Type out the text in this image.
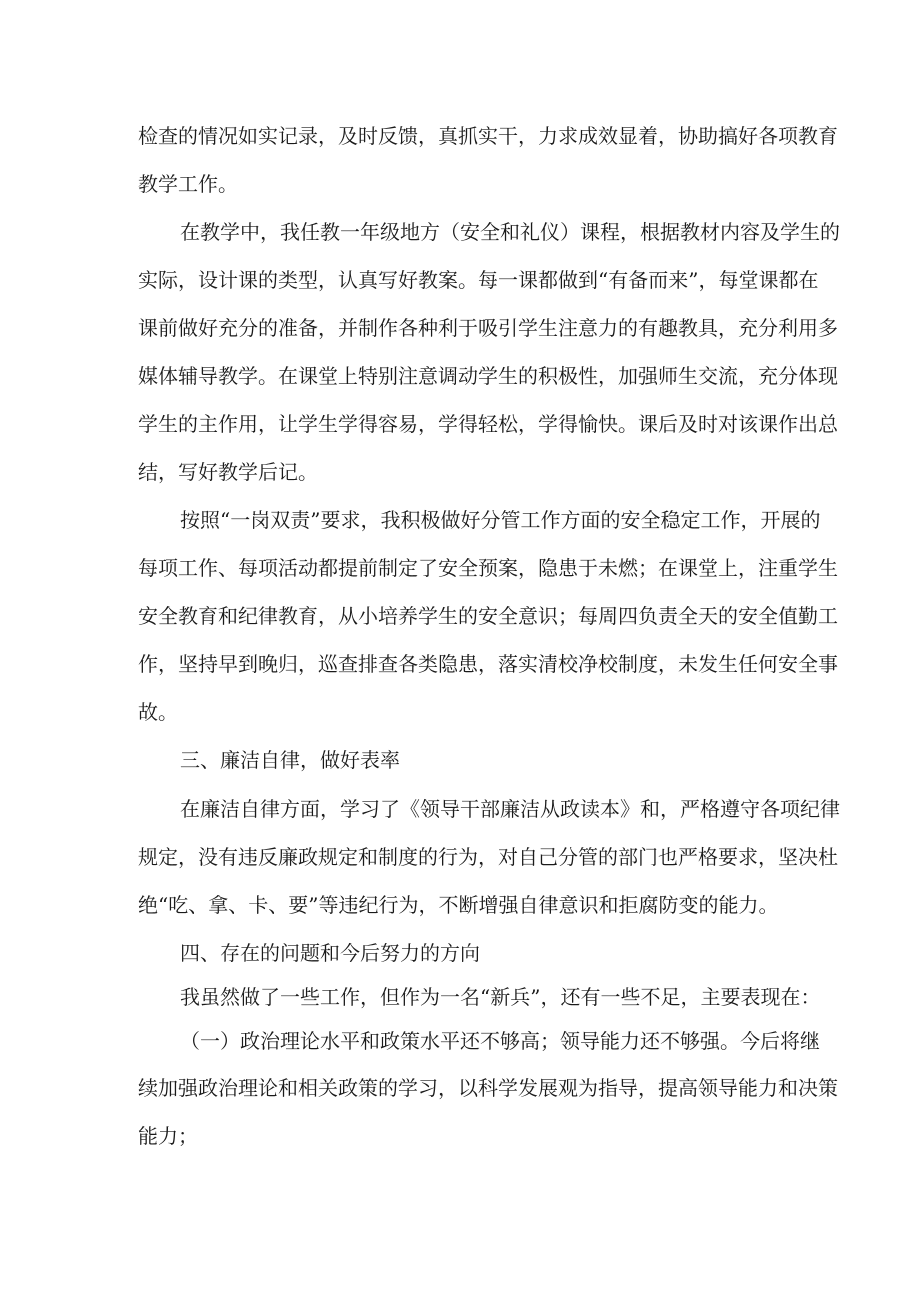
检查的情况如实记录，及时反馈，真抓实干，力求成效显着，协助搞好各项教育
教学工作。
在教学中，我任教一年级地方（安全和礼仪）课程，根据教材内容及学生的
实际，设计课的类型，认真写好教案。每一课都做到“有备而来”，每堂课都在
课前做好充分的准备，并制作各种利于吸引学生注意力的有趣教具，充分利用多
媒体辅导教学。在课堂上特别注意调动学生的积极性，加强师生交流，充分体现
学生的主作用，让学生学得容易，学得轻松，学得愉快。课后及时对该课作出总
结，写好教学后记。
按照“一岗双责”要求，我积极做好分管工作方面的安全稳定工作，开展的
每项工作、每项活动都提前制定了安全预案，隐患于未燃；在课堂上，注重学生
安全教育和纪律教育，从小培养学生的安全意识；每周四负责全天的安全值勤工
作，坚持早到晚归，巡查排查各类隐患，落实清校净校制度，未发生任何安全事
故。
三、廉洁自律，做好表率
在廉洁自律方面，学习了《领导干部廉洁从政读本》和，严格遵守各项纪律
规定，没有违反廉政规定和制度的行为，对自己分管的部门也严格要求，坚决杜
绝“吃、拿、卡、要”等违纪行为，不断增强自律意识和拒腐防变的能力。
四、存在的问题和今后努力的方向
我虽然做了一些工作，但作为一名“新兵”，还有一些不足，主要表现在：
（一）政治理论水平和政策水平还不够高；领导能力还不够强。今后将继
续加强政治理论和相关政策的学习，以科学发展观为指导，提高领导能力和决策
能力；
